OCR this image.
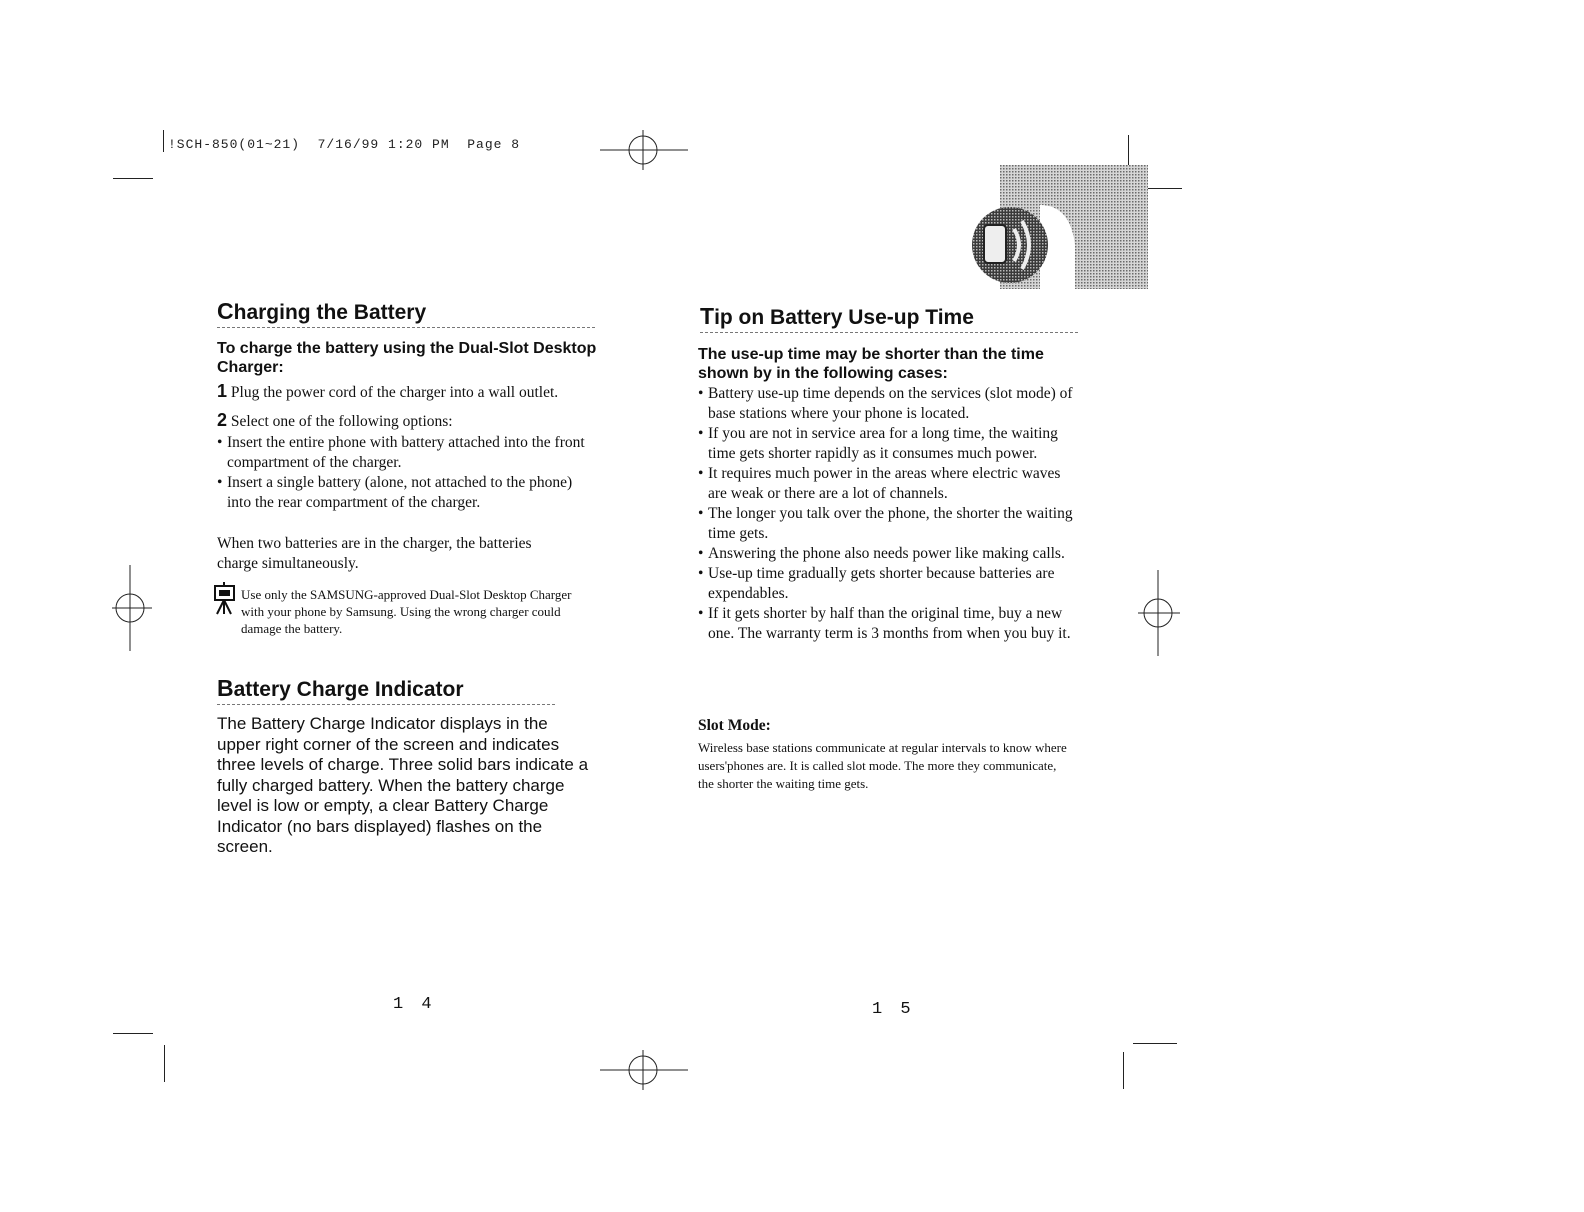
!SCH-850(01~21)  7/16/99 1:20 PM  Page 8
Charging the Battery
To charge the battery using the Dual-Slot Desktop Charger:
1 Plug the power cord of the charger into a wall outlet.
2 Select one of the following options:
• Insert the entire phone with battery attached into the front compartment of the charger.
• Insert a single battery (alone, not attached to the phone) into the rear compartment of the charger.
When two batteries are in the charger, the batteries charge simultaneously.
Use only the SAMSUNG-approved Dual-Slot Desktop Charger with your phone by Samsung. Using the wrong charger could damage the battery.
Battery Charge Indicator
The Battery Charge Indicator displays in the upper right corner of the screen and indicates three levels of charge. Three solid bars indicate a fully charged battery. When the battery charge level is low or empty, a clear Battery Charge Indicator (no bars displayed) flashes on the screen.
1 4
Tip on Battery Use-up Time
The use-up time may be shorter than the time shown by in the following cases:
• Battery use-up time depends on the services (slot mode) of base stations where your phone is located.
• If you are not in service area for a long time, the waiting time gets shorter rapidly as it consumes much power.
• It requires much power in the areas where electric waves are weak or there are a lot of channels.
• The longer you talk over the phone, the shorter the waiting time gets.
• Answering the phone also needs power like making calls.
• Use-up time gradually gets shorter because batteries are expendables.
• If it gets shorter by half than the original time, buy a new one. The warranty term is 3 months from when you buy it.
Slot Mode:
Wireless base stations communicate at regular intervals to know where users'phones are. It is called slot mode. The more they communicate, the shorter the waiting time gets.
1 5
